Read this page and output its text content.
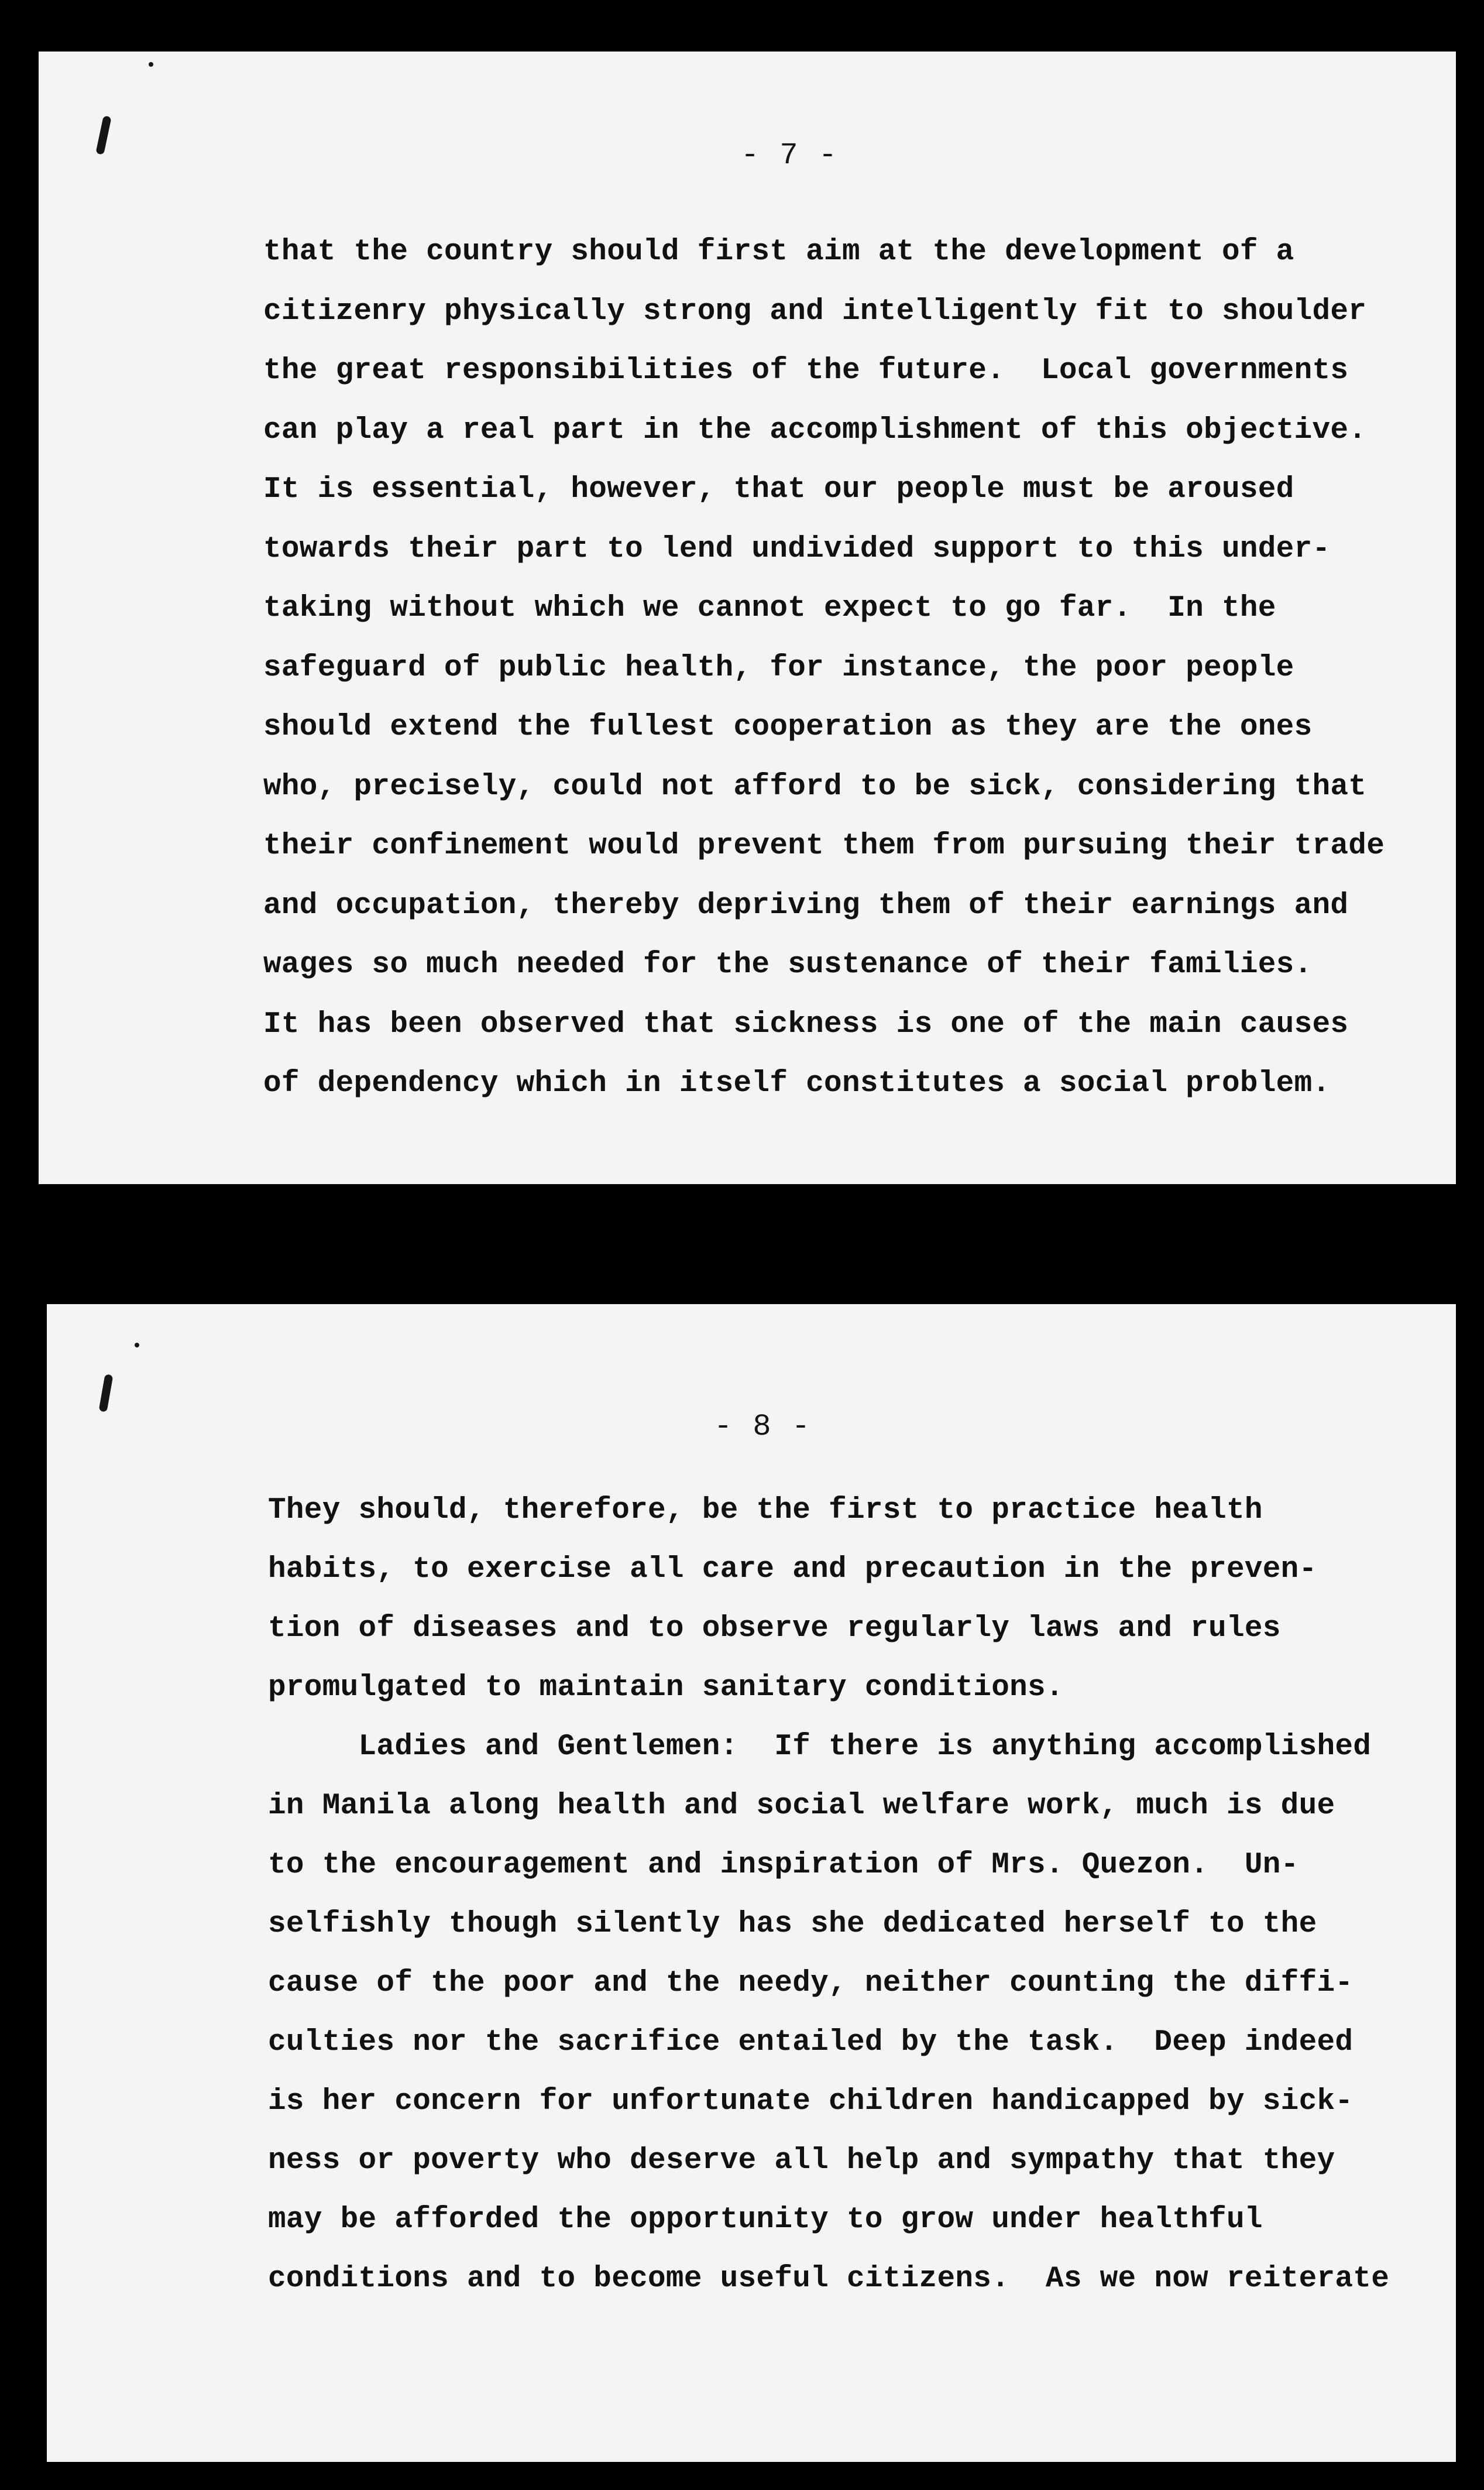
- 7 -
that the country should first aim at the development of a
citizenry physically strong and intelligently fit to shoulder
the great responsibilities of the future.  Local governments
can play a real part in the accomplishment of this objective.
It is essential, however, that our people must be aroused
towards their part to lend undivided support to this under-
taking without which we cannot expect to go far.  In the
safeguard of public health, for instance, the poor people
should extend the fullest cooperation as they are the ones
who, precisely, could not afford to be sick, considering that
their confinement would prevent them from pursuing their trade
and occupation, thereby depriving them of their earnings and
wages so much needed for the sustenance of their families.
It has been observed that sickness is one of the main causes
of dependency which in itself constitutes a social problem.
- 8 -
They should, therefore, be the first to practice health
habits, to exercise all care and precaution in the preven-
tion of diseases and to observe regularly laws and rules
promulgated to maintain sanitary conditions.
Ladies and Gentlemen:  If there is anything accomplished
in Manila along health and social welfare work, much is due
to the encouragement and inspiration of Mrs. Quezon.  Un-
selfishly though silently has she dedicated herself to the
cause of the poor and the needy, neither counting the diffi-
culties nor the sacrifice entailed by the task.  Deep indeed
is her concern for unfortunate children handicapped by sick-
ness or poverty who deserve all help and sympathy that they
may be afforded the opportunity to grow under healthful
conditions and to become useful citizens.  As we now reiterate
